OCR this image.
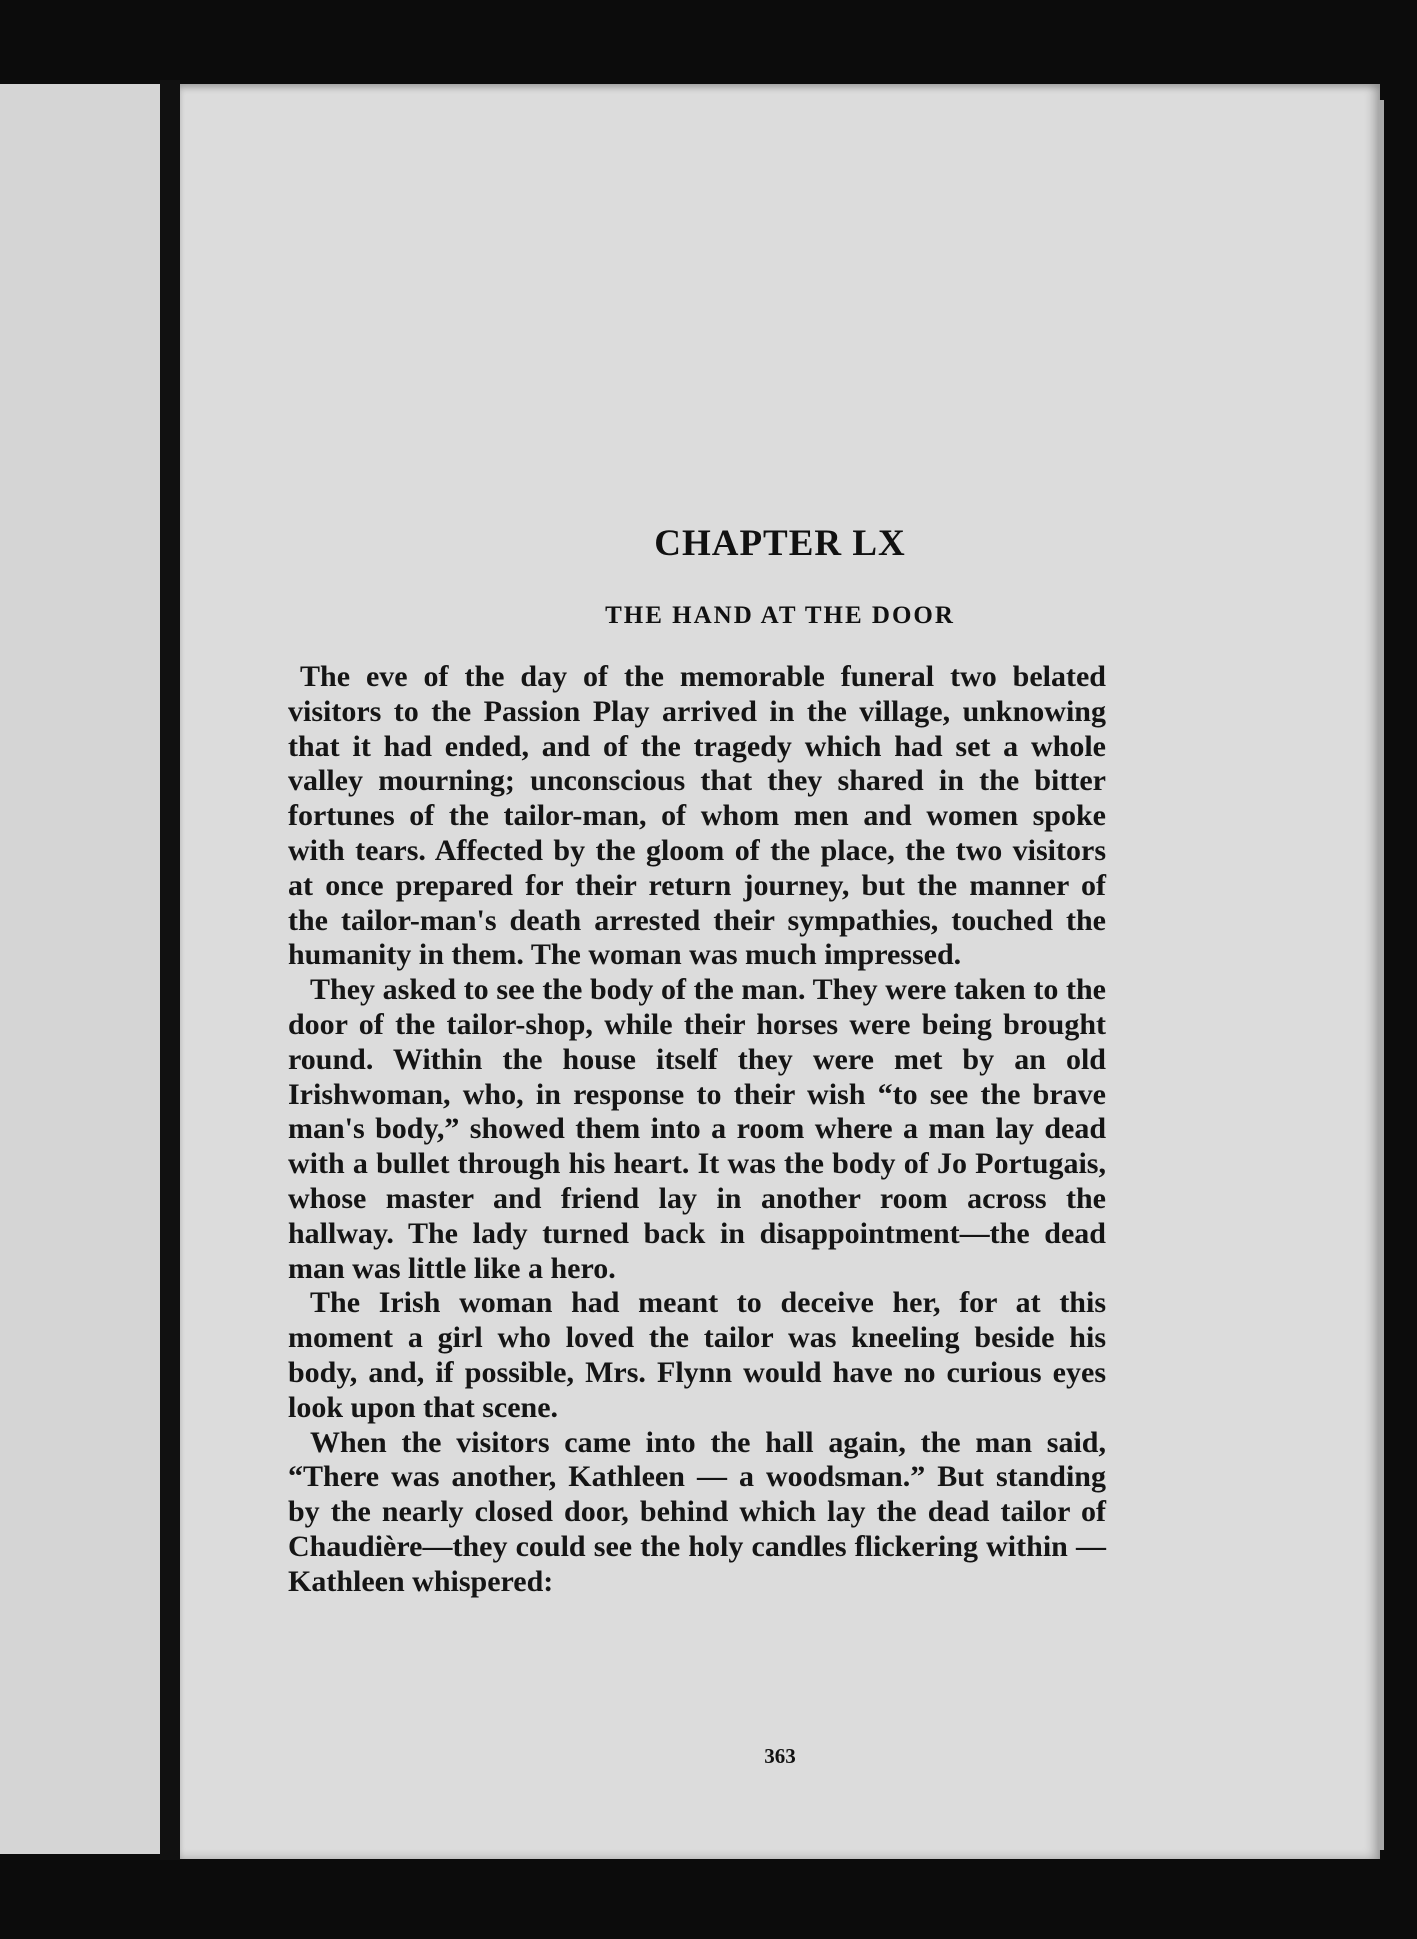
CHAPTER LX
THE HAND AT THE DOOR

The eve of the day of the memorable funeral two belated visitors to the Passion Play arrived in the village, unknowing that it had ended, and of the tragedy which had set a whole valley mourning; unconscious that they shared in the bitter fortunes of the tailor-man, of whom men and women spoke with tears. Affected by the gloom of the place, the two visitors at once prepared for their return journey, but the manner of the tailor-man's death arrested their sympathies, touched the humanity in them. The woman was much impressed.

They asked to see the body of the man. They were taken to the door of the tailor-shop, while their horses were being brought round. Within the house itself they were met by an old Irishwoman, who, in response to their wish “to see the brave man's body,” showed them into a room where a man lay dead with a bullet through his heart. It was the body of Jo Portugais, whose master and friend lay in another room across the hallway. The lady turned back in disappointment—the dead man was little like a hero.

The Irish woman had meant to deceive her, for at this moment a girl who loved the tailor was kneeling beside his body, and, if possible, Mrs. Flynn would have no curious eyes look upon that scene.

When the visitors came into the hall again, the man said, “There was another, Kathleen — a woodsman.” But standing by the nearly closed door, behind which lay the dead tailor of Chaudière—they could see the holy candles flickering within — Kathleen whispered:

363
